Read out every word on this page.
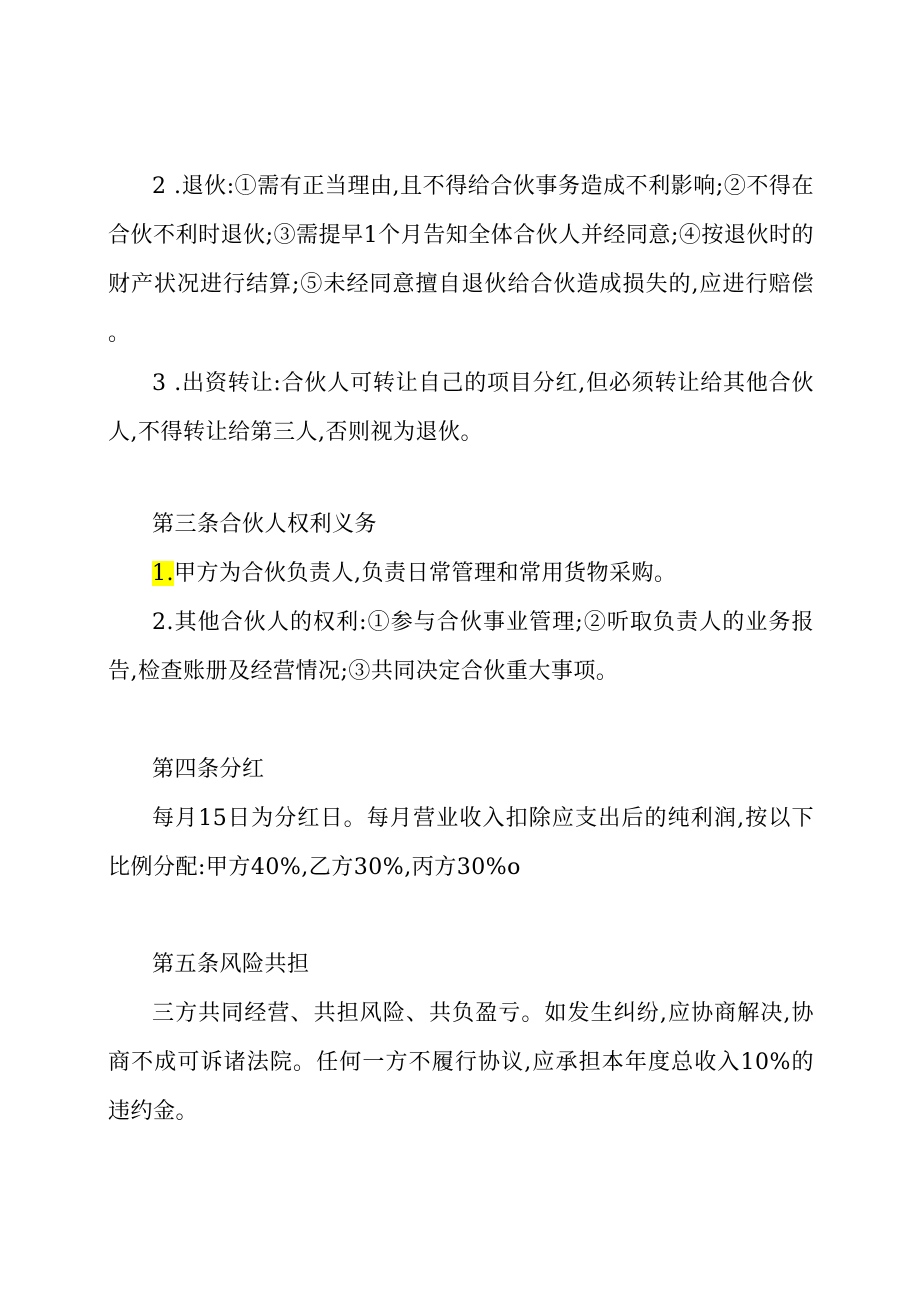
2 .退伙:①需有正当理由,且不得给合伙事务造成不利影响;②不得在合伙不利时退伙;③需提早1个月告知全体合伙人并经同意;④按退伙时的财产状况进行结算;⑤未经同意擅自退伙给合伙造成损失的,应进行赔偿。

3 .出资转让:合伙人可转让自己的项目分红,但必须转让给其他合伙人,不得转让给第三人,否则视为退伙。

第三条合伙人权利义务

1.甲方为合伙负责人,负责日常管理和常用货物采购。

2.其他合伙人的权利:①参与合伙事业管理;②听取负责人的业务报告,检查账册及经营情况;③共同决定合伙重大事项。

第四条分红

每月15日为分红日。每月营业收入扣除应支出后的纯利润,按以下比例分配:甲方40%,乙方30%,丙方30%o

第五条风险共担

三方共同经营、共担风险、共负盈亏。如发生纠纷,应协商解决,协商不成可诉诸法院。任何一方不履行协议,应承担本年度总收入10%的违约金。
